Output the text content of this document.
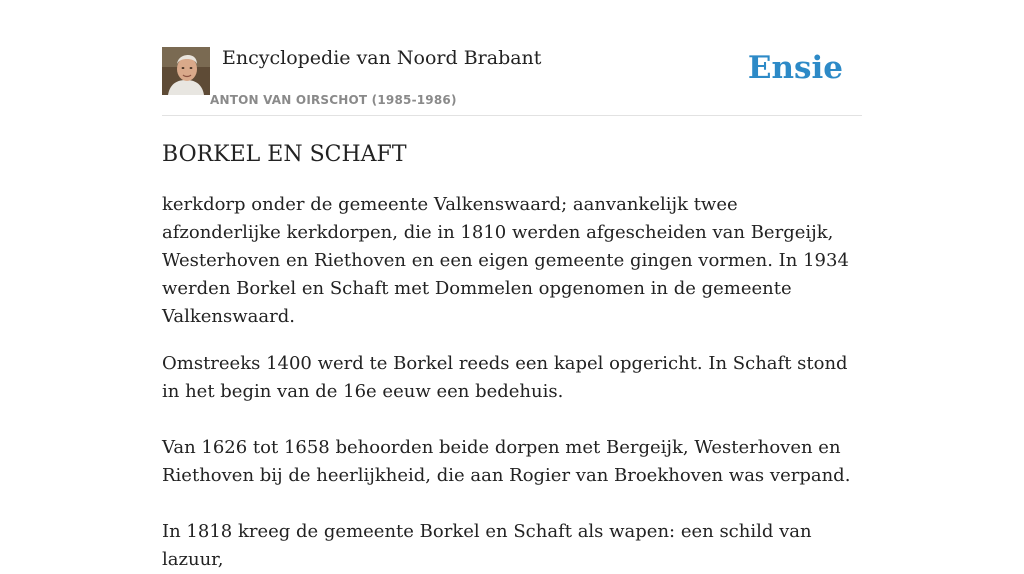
Encyclopedie van Noord Brabant
ANTON VAN OIRSCHOT (1985-1986)
Ensie
BORKEL EN SCHAFT

kerkdorp onder de gemeente Valkenswaard; aanvankelijk twee afzonderlijke kerkdorpen, die in 1810 werden afgescheiden van Bergeijk, Westerhoven en Riethoven en een eigen gemeente gingen vormen. In 1934 werden Borkel en Schaft met Dommelen opgenomen in de gemeente Valkenswaard.

Omstreeks 1400 werd te Borkel reeds een kapel opgericht. In Schaft stond in het begin van de 16e eeuw een bedehuis.

Van 1626 tot 1658 behoorden beide dorpen met Bergeijk, Westerhoven en Riethoven bij de heerlijkheid, die aan Rogier van Broekhoven was verpand.

In 1818 kreeg de gemeente Borkel en Schaft als wapen: een schild van lazuur,
